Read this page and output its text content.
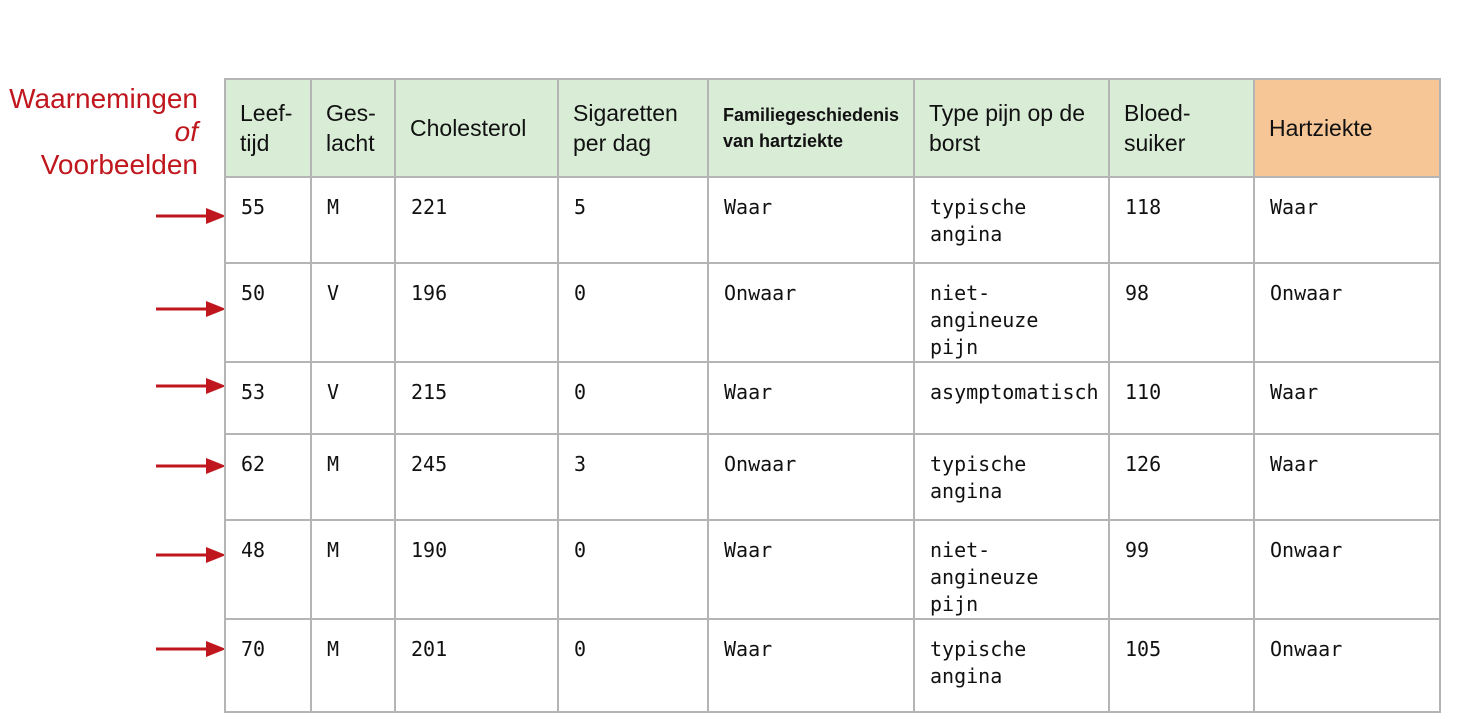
Waarnemingen
of
Voorbeelden
Leef- tijd	Ges- lacht	Cholesterol	Sigaretten per dag	Familiegeschiedenis van hartziekte	Type pijn op de borst	Bloed- suiker	Hartziekte

55	M	221	5	Waar	typische angina	118	Waar

50	V	196	0	Onwaar	niet-angineuze pijn	98	Onwaar

53	V	215	0	Waar	asymptomatisch	110	Waar

62	M	245	3	Onwaar	typische angina	126	Waar

48	M	190	0	Waar	niet-angineuze pijn	99	Onwaar

70	M	201	0	Waar	typische angina	105	Onwaar
